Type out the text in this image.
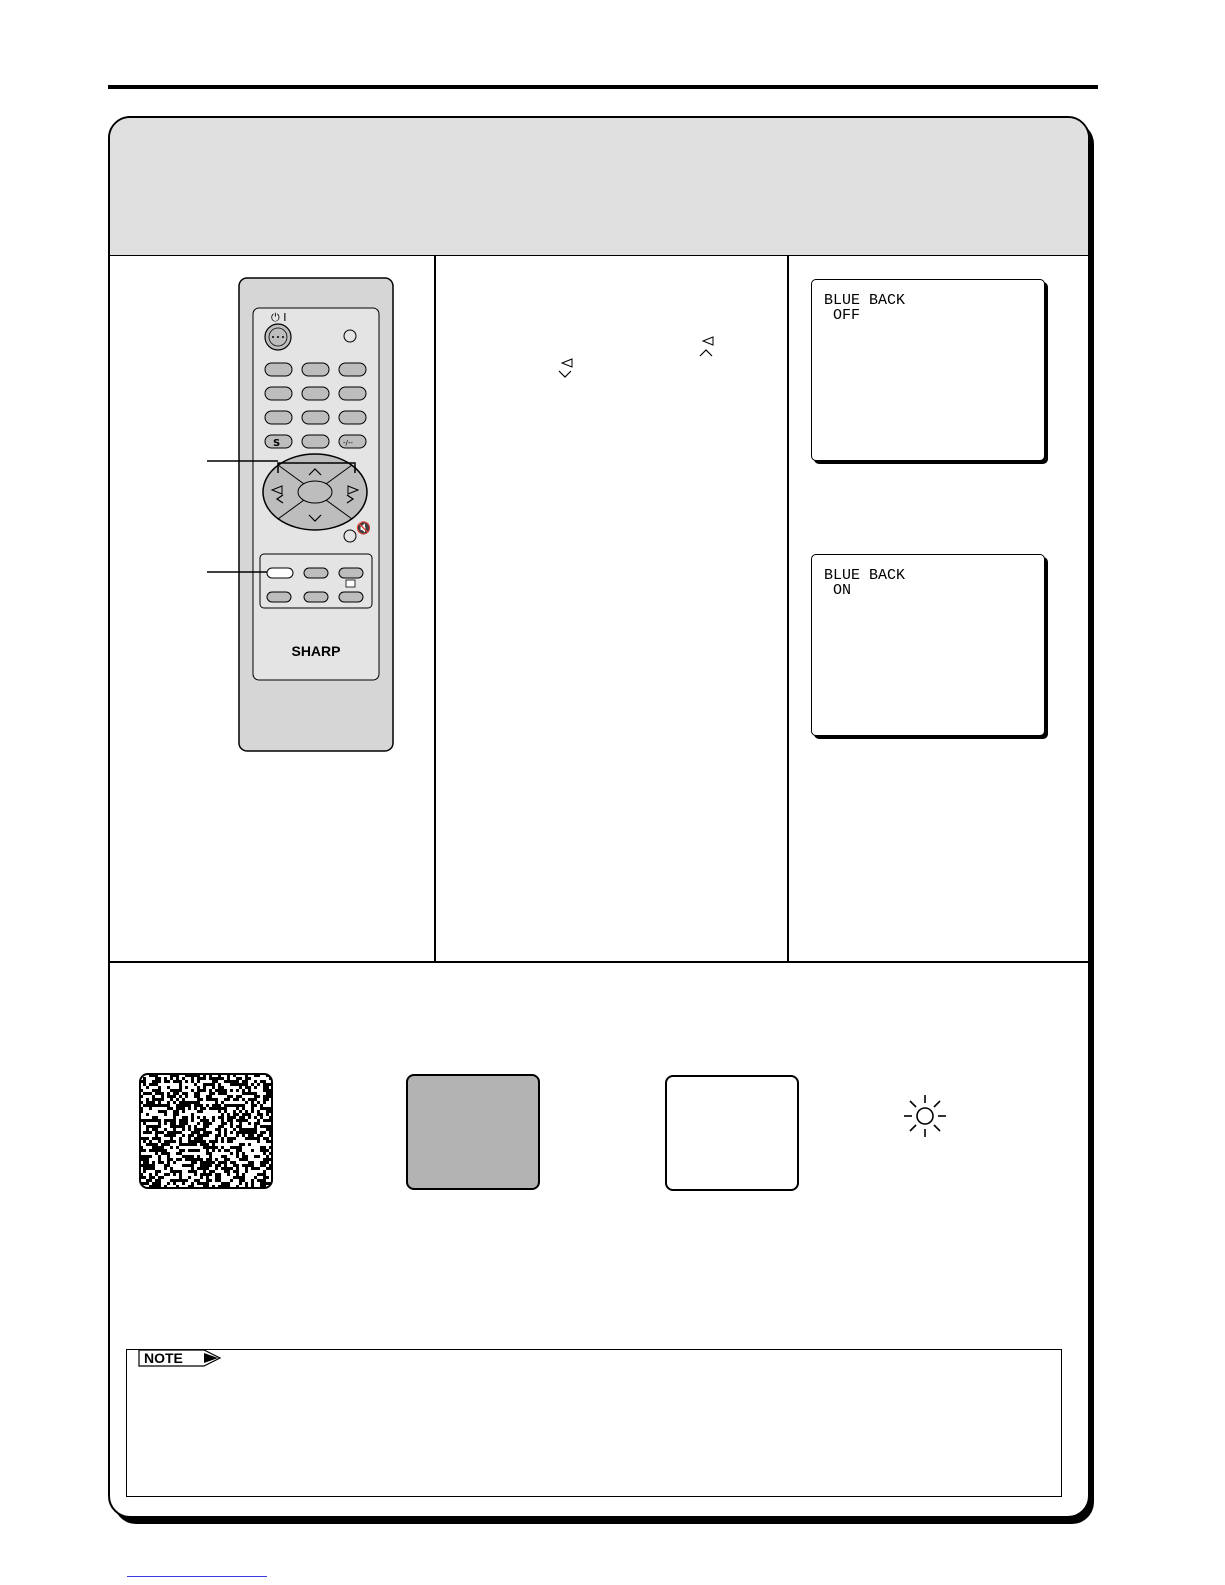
⏻ I
S	-/--
🔇
SHARP
BLUE BACK
OFF
BLUE BACK
ON
NOTE
